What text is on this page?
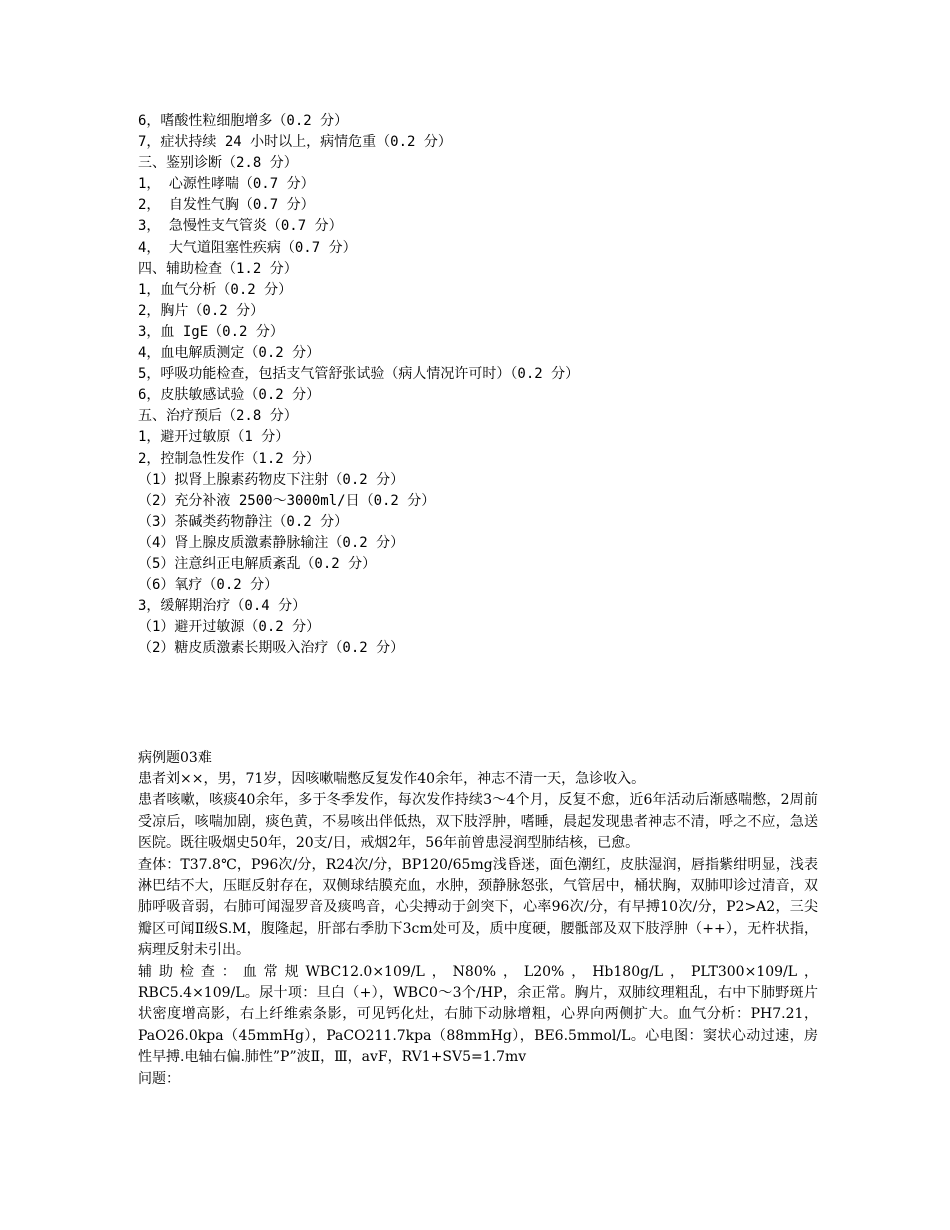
6，嗜酸性粒细胞增多（0.2 分）
7，症状持续 24 小时以上，病情危重（0.2 分）
三、鉴别诊断（2.8 分）
1， 心源性哮喘（0.7 分）
2， 自发性气胸（0.7 分）
3， 急慢性支气管炎（0.7 分）
4， 大气道阻塞性疾病（0.7 分）
四、辅助检查（1.2 分）
1，血气分析（0.2 分）
2，胸片（0.2 分）
3，血 IgE（0.2 分）
4，血电解质测定（0.2 分）
5，呼吸功能检查，包括支气管舒张试验（病人情况许可时）（0.2 分）
6，皮肤敏感试验（0.2 分）
五、治疗预后（2.8 分）
1，避开过敏原（1 分）
2，控制急性发作（1.2 分）
（1）拟肾上腺素药物皮下注射（0.2 分）
（2）充分补液 2500～3000ml/日（0.2 分）
（3）茶碱类药物静注（0.2 分）
（4）肾上腺皮质激素静脉输注（0.2 分）
（5）注意纠正电解质紊乱（0.2 分）
（6）氧疗（0.2 分）
3，缓解期治疗（0.4 分）
（1）避开过敏源（0.2 分）
（2）糖皮质激素长期吸入治疗（0.2 分）
病例题03难

患者刘××，男，71岁，因咳嗽喘憋反复发作40余年，神志不清一天，急诊收入。

患者咳嗽，咳痰40余年，多于冬季发作，每次发作持续3～4个月，反复不愈，近6年活动后渐感喘憋，2周前受凉后，咳喘加剧，痰色黄，不易咳出伴低热，双下肢浮肿，嗜睡，晨起发现患者神志不清，呼之不应，急送医院。既往吸烟史50年，20支/日，戒烟2年，56年前曾患浸润型肺结核，已愈。

查体：T37.8℃，P96次/分，R24次/分，BP120/65mg浅昏迷，面色潮红，皮肤湿润，唇指紫绀明显，浅表淋巴结不大，压眶反射存在，双侧球结膜充血，水肿，颈静脉怒张，气管居中，桶状胸，双肺叩诊过清音，双肺呼吸音弱，右肺可闻湿罗音及痰鸣音，心尖搏动于剑突下，心率96次/分，有早搏10次/分，P2>A2，三尖瓣区可闻Ⅱ级S.M，腹隆起，肝部右季肋下3cm处可及，质中度硬，腰骶部及双下肢浮肿（++），无杵状指，病理反射未引出。

辅助检查：血常规WBC12.0×109/L，N80%，L20%，Hb180g/L，PLT300×109/L，RBC5.4×109/L。尿十项：旦白（+），WBC0～3个/HP，余正常。胸片，双肺纹理粗乱，右中下肺野斑片状密度增高影，右上纤维索条影，可见钙化灶，右肺下动脉增粗，心界向两侧扩大。血气分析：PH7.21，PaO26.0kpa（45mmHg），PaCO211.7kpa（88mmHg），BE6.5mmol/L。心电图：窦状心动过速，房性早搏.电轴右偏.肺性”P”波Ⅱ，Ⅲ，avF，RV1+SV5=1.7mv

问题：
